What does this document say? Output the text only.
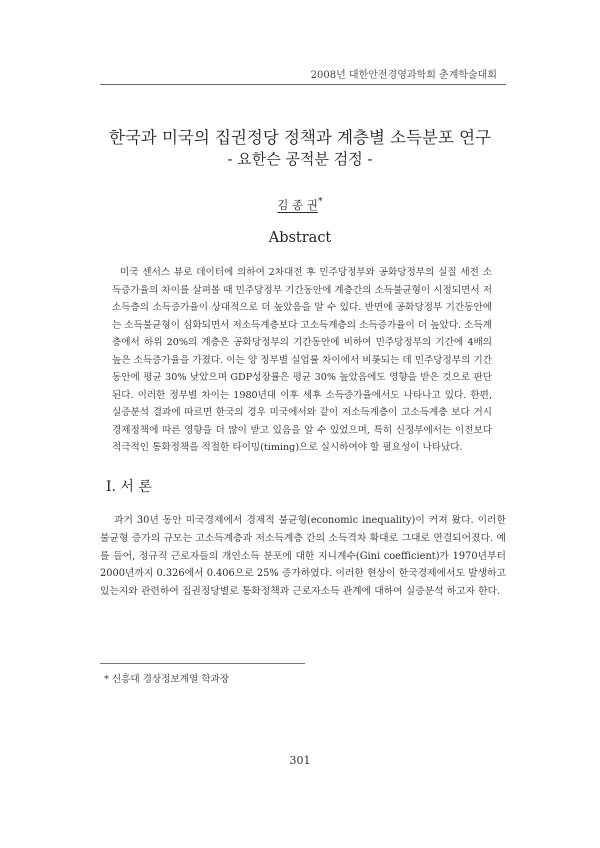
2008년 대한안전경영과학회 춘계학술대회
한국과 미국의 집권정당 정책과 계층별 소득분포 연구
- 요한슨 공적분 검정 -
김 종 권*
Abstract

미국 센서스 뷰로 데이터에 의하여 2차대전 후 민주당정부와 공화당정부의 실질 세전 소득증가율의 차이를 살펴볼 때 민주당정부 기간동안에 계층간의 소득불균형이 시정되면서 저소득층의 소득증가율이 상대적으로 더 높았음을 알 수 있다. 반면에 공화당정부 기간동안에는 소득불균형이 심화되면서 저소득계층보다 고소득계층의 소득증가율이 더 높았다. 소득계층에서 하위 20%의 계층은 공화당정부의 기간동안에 비하여 민주당정부의 기간에 4배의 높은 소득증가율을 가졌다. 이는 양 정부별 실업률 차이에서 비롯되는 데 민주당정부의 기간 동안에 평균 30% 낮았으며 GDP성장률은 평균 30% 높았음에도 영향을 받은 것으로 판단된다. 이러한 정부별 차이는 1980년대 이후 세후 소득증가율에서도 나타나고 있다. 한편, 실증분석 결과에 따르면 한국의 경우 미국에서와 같이 저소득계층이 고소득계층 보다 거시경제정책에 따른 영향을 더 많이 받고 있음을 알 수 있었으며, 특히 신정부에서는 이전보다 적극적인 통화정책을 적절한 타이밍(timing)으로 실시하여야 할 필요성이 나타났다.

Ⅰ. 서 론

과거 30년 동안 미국경제에서 경제적 불균형(economic inequality)이 커져 왔다. 이러한 불균형 증가의 규모는 고소득계층과 저소득계층 간의 소득격차 확대로 그대로 연결되어졌다. 예를 들어, 정규직 근로자들의 개인소득 분포에 대한 지니계수(Gini coefficient)가 1970년부터 2000년까지 0.326에서 0.406으로 25% 증가하였다. 이러한 현상이 한국경제에서도 발생하고 있는지와 관련하여 집권정당별로 통화정책과 근로자소득 관계에 대하여 실증분석 하고자 한다.

* 신흥대 경상정보계열 학과장
301
